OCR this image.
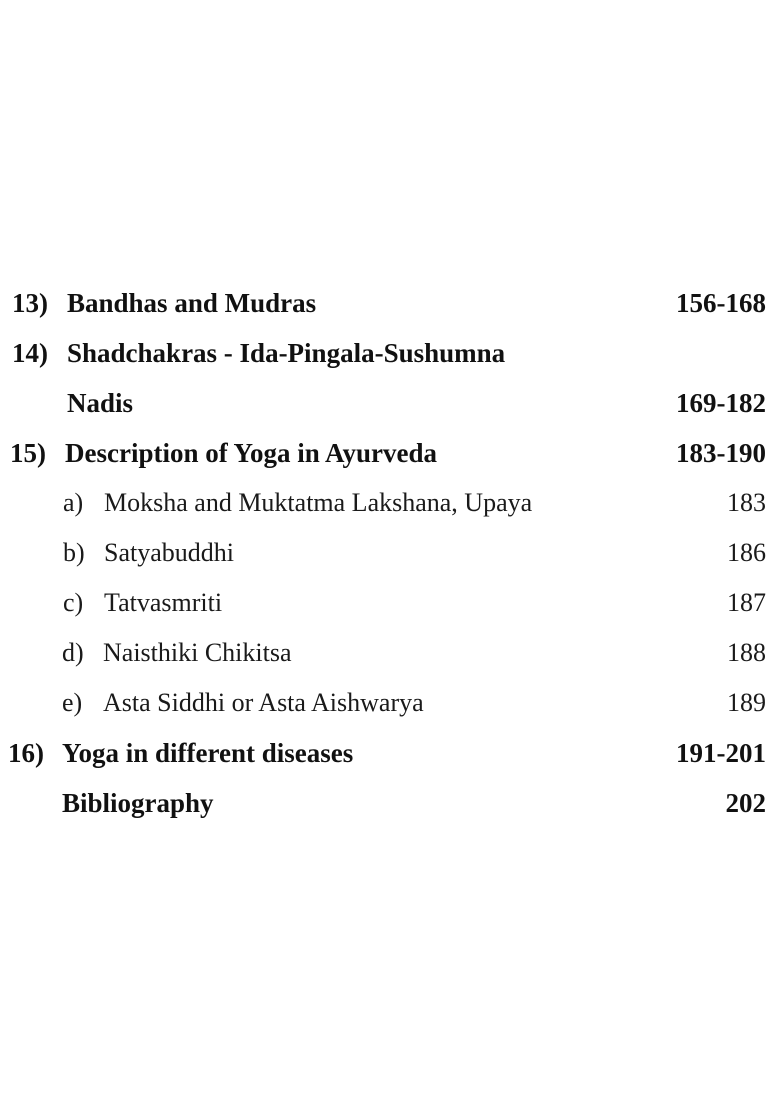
13) Bandhas and Mudras	156-168
14) Shadchakras - Ida-Pingala-Sushumna
Nadis	169-182
15) Description of Yoga in Ayurveda	183-190
a) Moksha and Muktatma Lakshana, Upaya	183
b) Satyabuddhi	186
c) Tatvasmriti	187
d) Naisthiki Chikitsa	188
e) Asta Siddhi or Asta Aishwarya	189
16) Yoga in different diseases	191-201
Bibliography	202
